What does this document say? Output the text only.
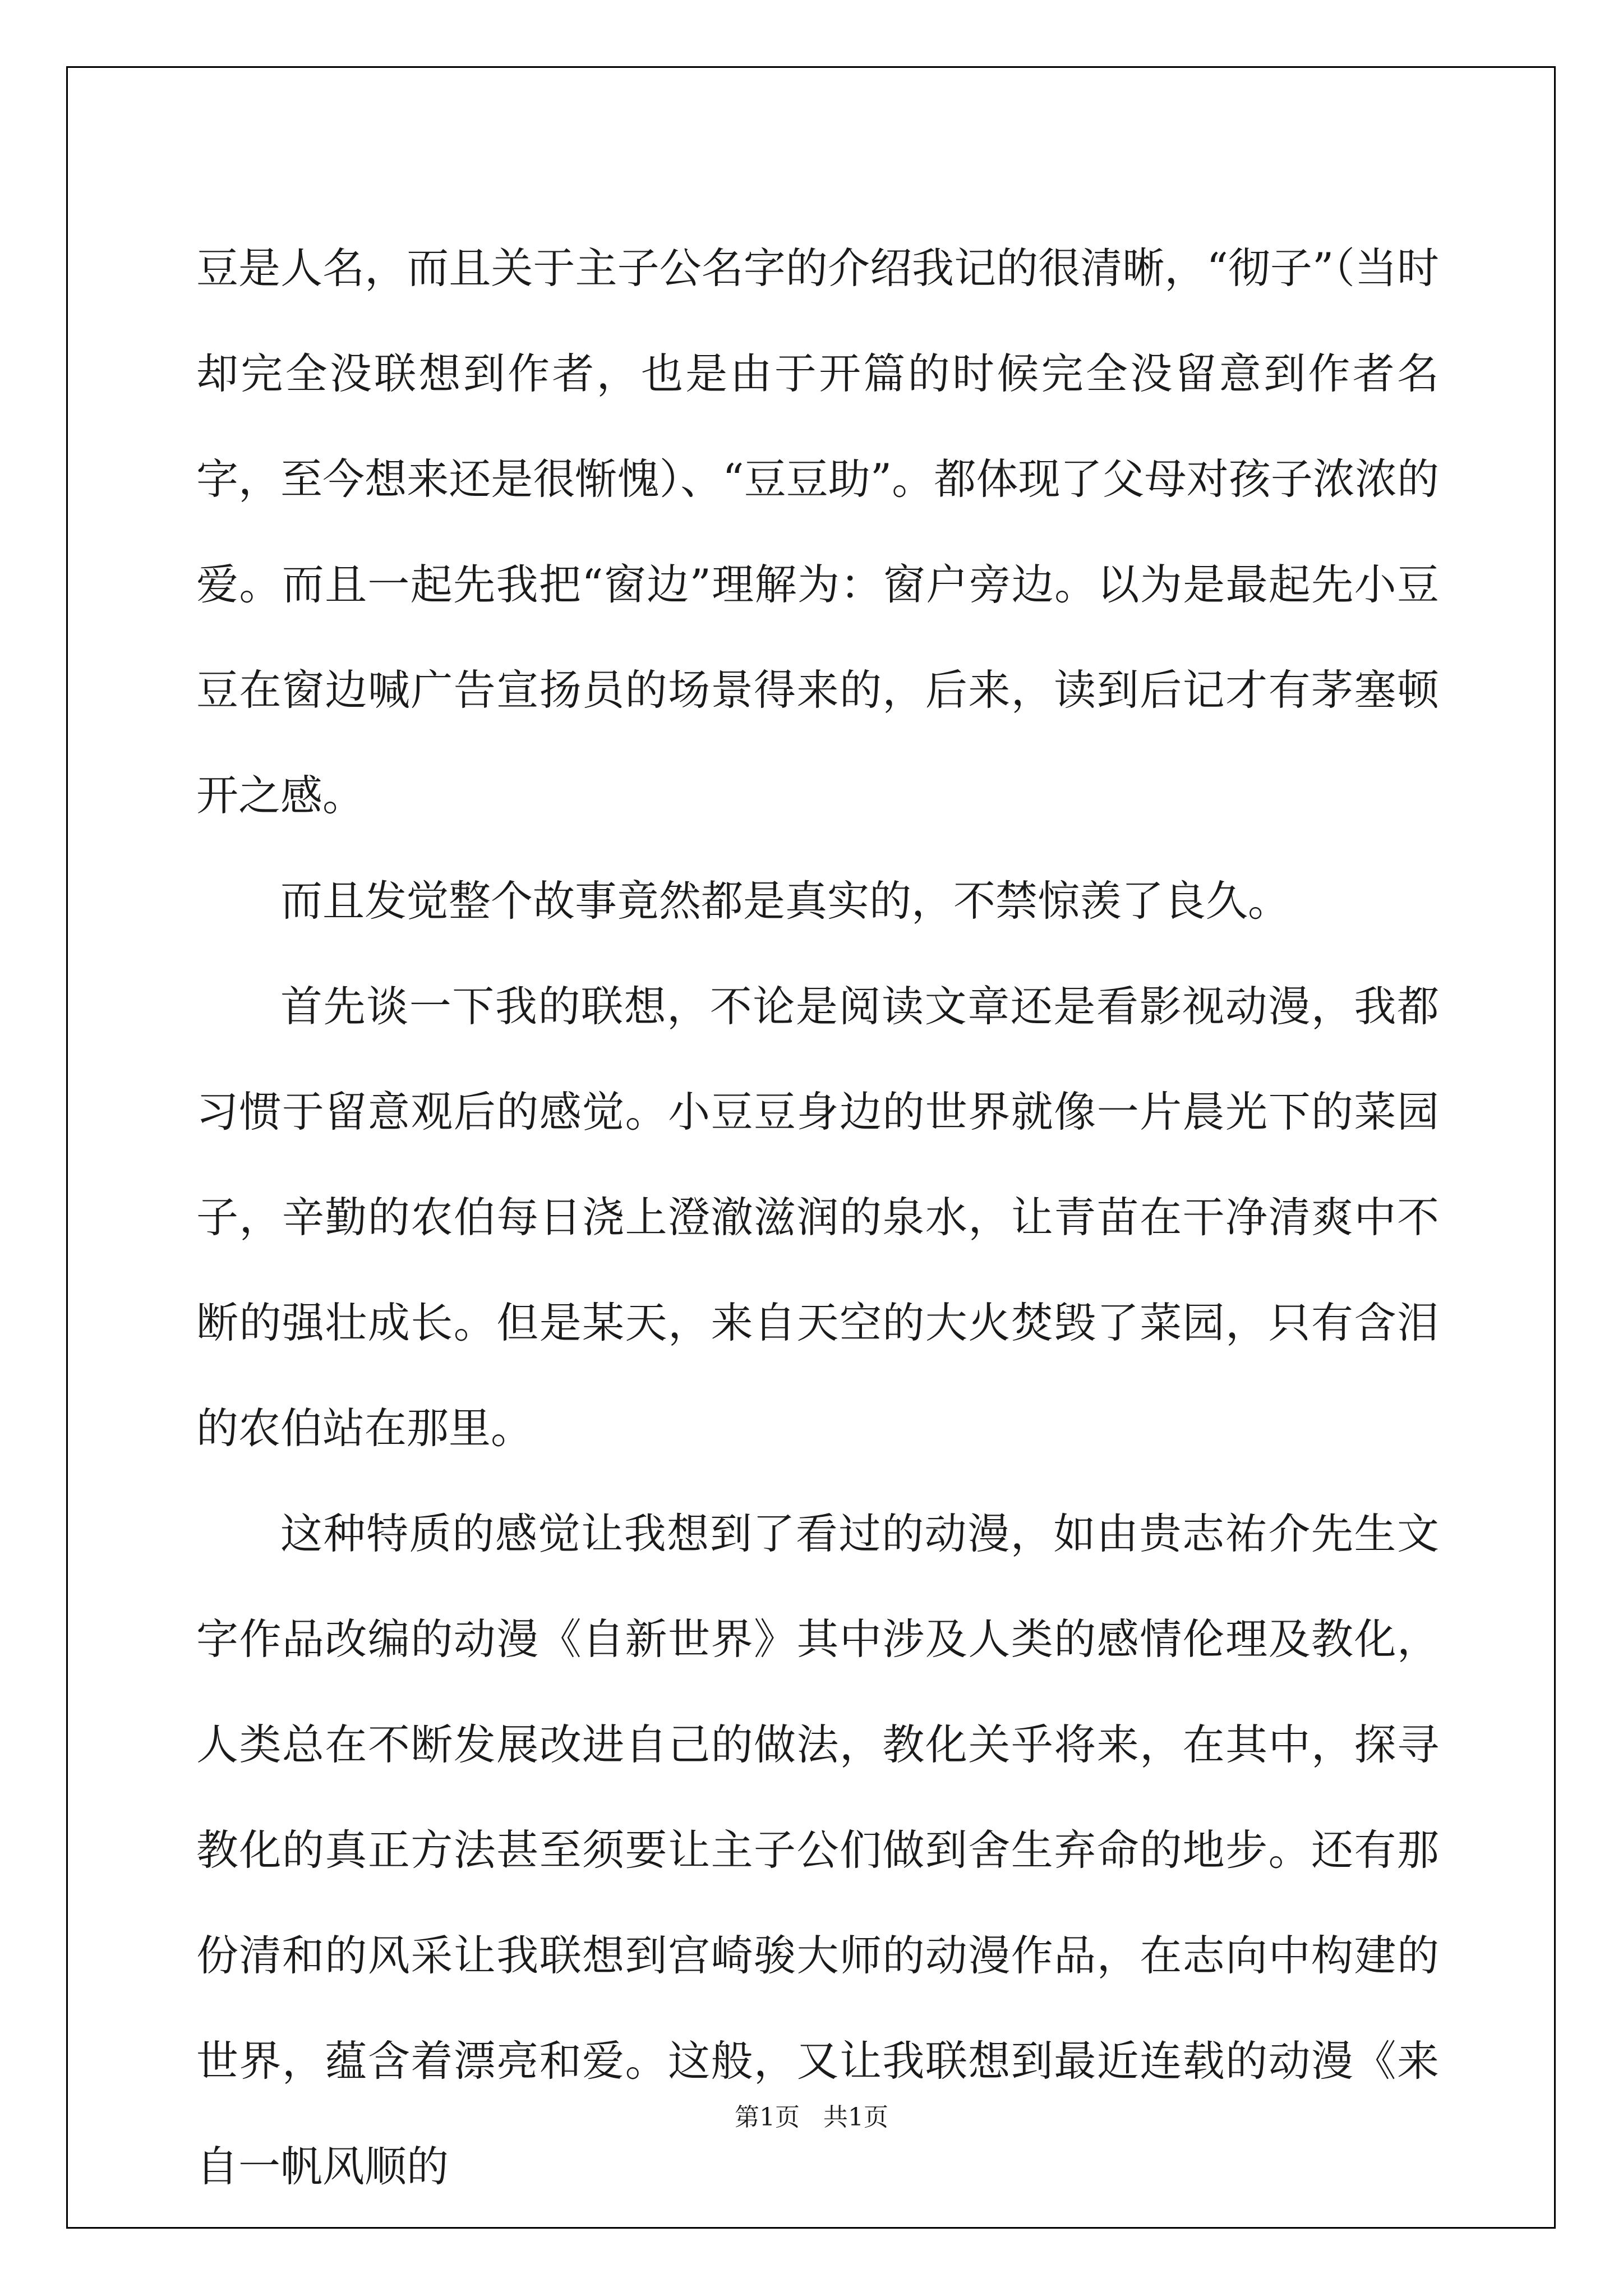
豆是人名，而且关于主子公名字的介绍我记的很清晰，“彻子”（当时却完全没联想到作者，也是由于开篇的时候完全没留意到作者名字，至今想来还是很惭愧）、“豆豆助”。都体现了父母对孩子浓浓的爱。而且一起先我把“窗边”理解为：窗户旁边。以为是最起先小豆豆在窗边喊广告宣扬员的场景得来的，后来，读到后记才有茅塞顿开之感。

而且发觉整个故事竟然都是真实的，不禁惊羡了良久。

首先谈一下我的联想，不论是阅读文章还是看影视动漫，我都习惯于留意观后的感觉。小豆豆身边的世界就像一片晨光下的菜园子，辛勤的农伯每日浇上澄澈滋润的泉水，让青苗在干净清爽中不断的强壮成长。但是某天，来自天空的大火焚毁了菜园，只有含泪的农伯站在那里。

这种特质的感觉让我想到了看过的动漫，如由贵志祐介先生文字作品改编的动漫《自新世界》其中涉及人类的感情伦理及教化，人类总在不断发展改进自己的做法，教化关乎将来，在其中，探寻教化的真正方法甚至须要让主子公们做到舍生弃命的地步。还有那份清和的风采让我联想到宫崎骏大师的动漫作品，在志向中构建的世界，蕴含着漂亮和爱。这般，又让我联想到最近连载的动漫《来自一帆风顺的

第1页   共1页
